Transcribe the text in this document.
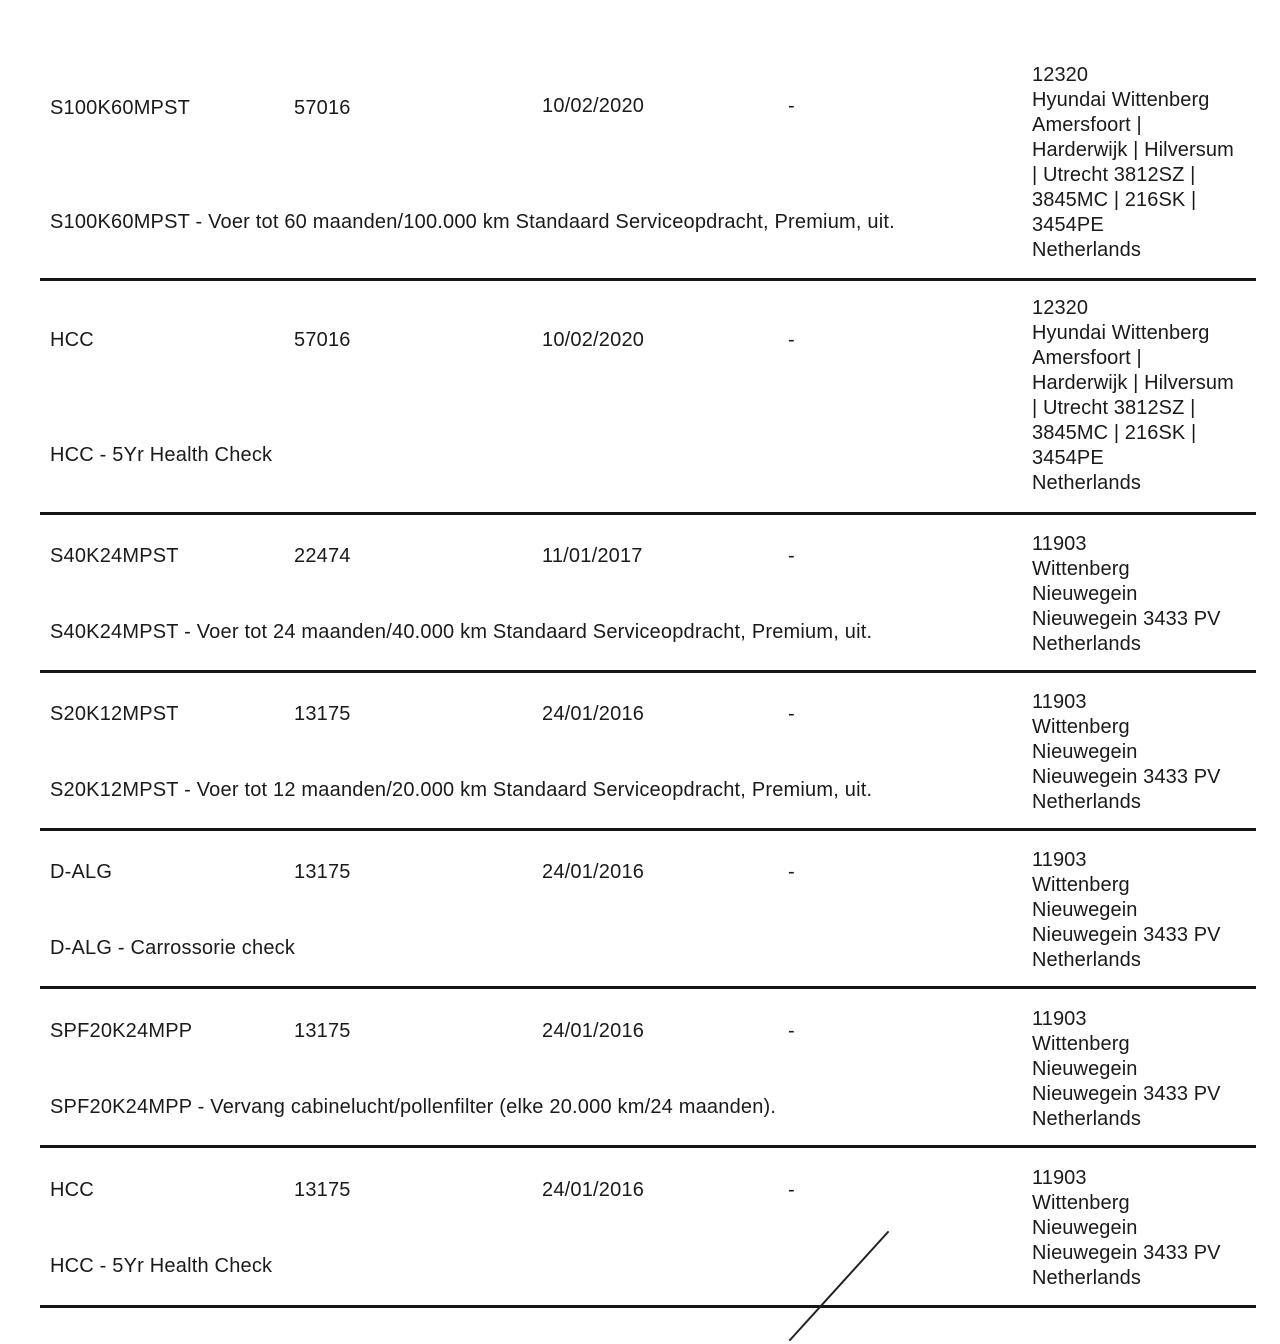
S100K60MPST	57016	10/02/2020	-
S100K60MPST - Voer tot 60 maanden/100.000 km Standaard Serviceopdracht, Premium, uit.
12320
Hyundai Wittenberg
Amersfoort |
Harderwijk | Hilversum
| Utrecht 3812SZ |
3845MC | 216SK |
3454PE
Netherlands
HCC	57016	10/02/2020	-
HCC - 5Yr Health Check
12320
Hyundai Wittenberg
Amersfoort |
Harderwijk | Hilversum
| Utrecht 3812SZ |
3845MC | 216SK |
3454PE
Netherlands
S40K24MPST	22474	11/01/2017	-
S40K24MPST - Voer tot 24 maanden/40.000 km Standaard Serviceopdracht, Premium, uit.
11903
Wittenberg
Nieuwegein
Nieuwegein 3433 PV
Netherlands
S20K12MPST	13175	24/01/2016	-
S20K12MPST - Voer tot 12 maanden/20.000 km Standaard Serviceopdracht, Premium, uit.
11903
Wittenberg
Nieuwegein
Nieuwegein 3433 PV
Netherlands
D-ALG	13175	24/01/2016	-
D-ALG - Carrossorie check
11903
Wittenberg
Nieuwegein
Nieuwegein 3433 PV
Netherlands
SPF20K24MPP	13175	24/01/2016	-
SPF20K24MPP - Vervang cabinelucht/pollenfilter (elke 20.000 km/24 maanden).
11903
Wittenberg
Nieuwegein
Nieuwegein 3433 PV
Netherlands
HCC	13175	24/01/2016	-
HCC - 5Yr Health Check
11903
Wittenberg
Nieuwegein
Nieuwegein 3433 PV
Netherlands
